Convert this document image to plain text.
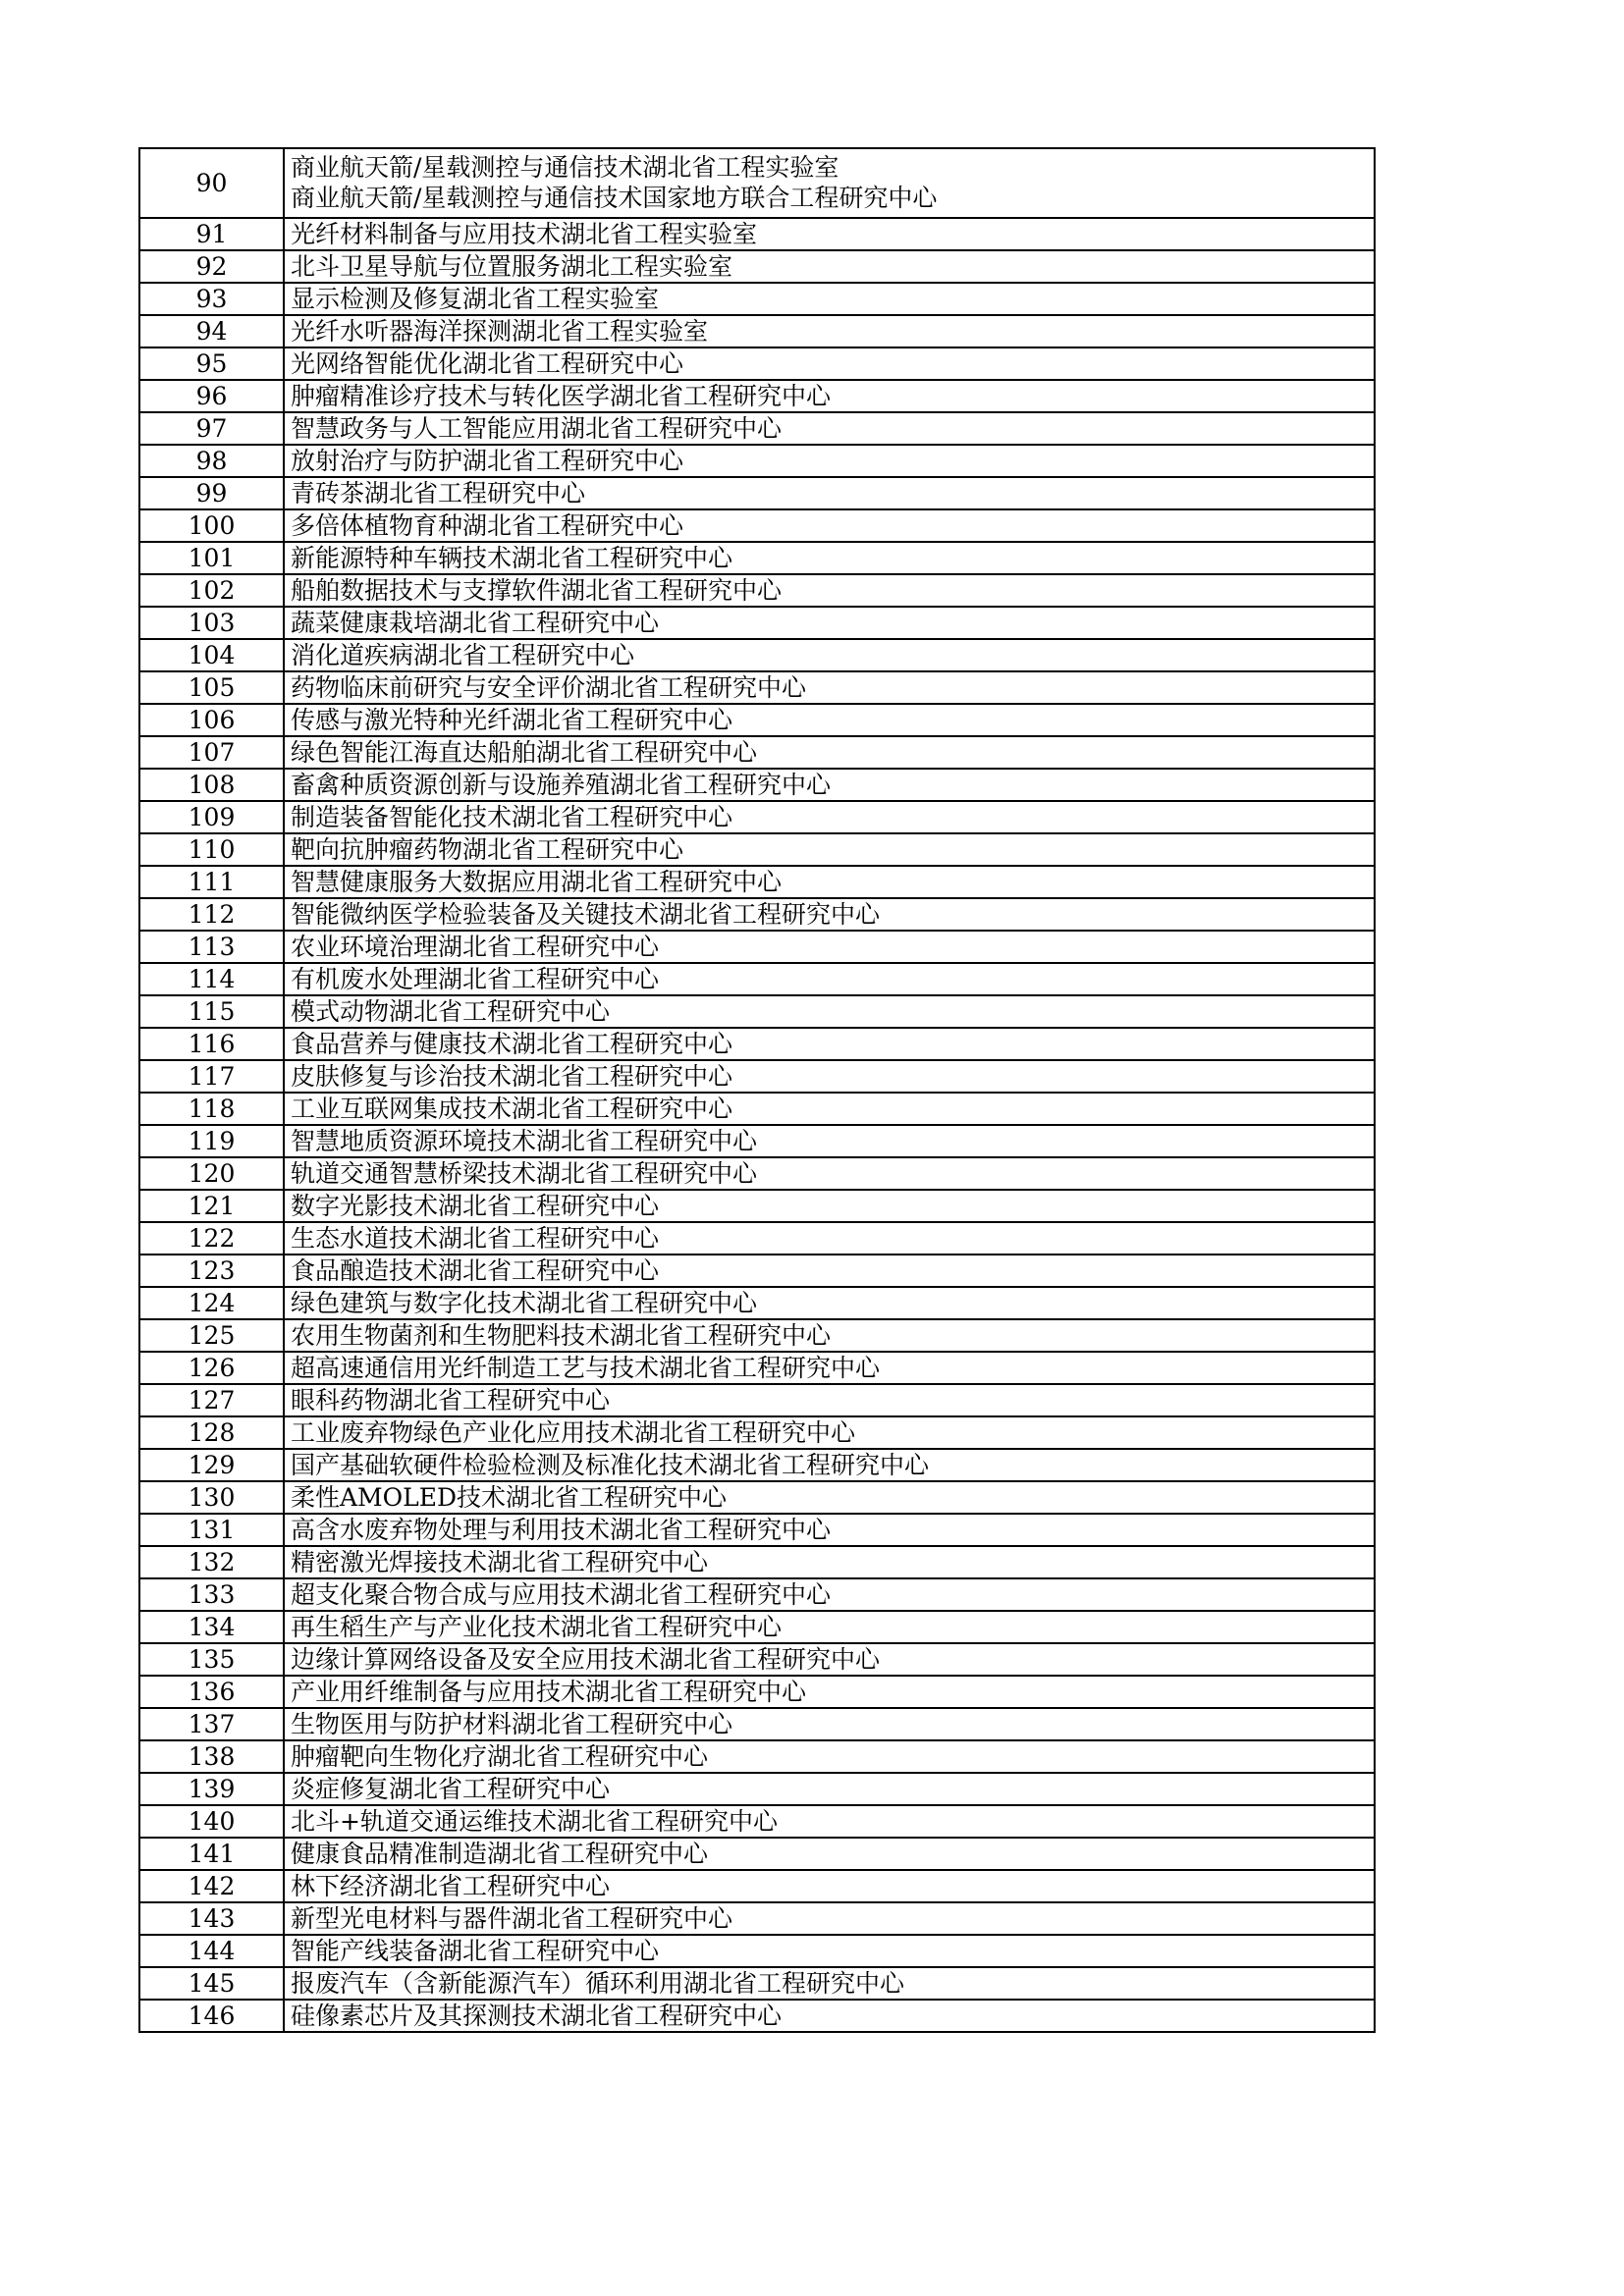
90	商业航天箭/星载测控与通信技术湖北省工程实验室
商业航天箭/星载测控与通信技术国家地方联合工程研究中心

91	光纤材料制备与应用技术湖北省工程实验室

92	北斗卫星导航与位置服务湖北工程实验室

93	显示检测及修复湖北省工程实验室

94	光纤水听器海洋探测湖北省工程实验室

95	光网络智能优化湖北省工程研究中心

96	肿瘤精准诊疗技术与转化医学湖北省工程研究中心

97	智慧政务与人工智能应用湖北省工程研究中心

98	放射治疗与防护湖北省工程研究中心

99	青砖茶湖北省工程研究中心

100	多倍体植物育种湖北省工程研究中心

101	新能源特种车辆技术湖北省工程研究中心

102	船舶数据技术与支撑软件湖北省工程研究中心

103	蔬菜健康栽培湖北省工程研究中心

104	消化道疾病湖北省工程研究中心

105	药物临床前研究与安全评价湖北省工程研究中心

106	传感与激光特种光纤湖北省工程研究中心

107	绿色智能江海直达船舶湖北省工程研究中心

108	畜禽种质资源创新与设施养殖湖北省工程研究中心

109	制造装备智能化技术湖北省工程研究中心

110	靶向抗肿瘤药物湖北省工程研究中心

111	智慧健康服务大数据应用湖北省工程研究中心

112	智能微纳医学检验装备及关键技术湖北省工程研究中心

113	农业环境治理湖北省工程研究中心

114	有机废水处理湖北省工程研究中心

115	模式动物湖北省工程研究中心

116	食品营养与健康技术湖北省工程研究中心

117	皮肤修复与诊治技术湖北省工程研究中心

118	工业互联网集成技术湖北省工程研究中心

119	智慧地质资源环境技术湖北省工程研究中心

120	轨道交通智慧桥梁技术湖北省工程研究中心

121	数字光影技术湖北省工程研究中心

122	生态水道技术湖北省工程研究中心

123	食品酿造技术湖北省工程研究中心

124	绿色建筑与数字化技术湖北省工程研究中心

125	农用生物菌剂和生物肥料技术湖北省工程研究中心

126	超高速通信用光纤制造工艺与技术湖北省工程研究中心

127	眼科药物湖北省工程研究中心

128	工业废弃物绿色产业化应用技术湖北省工程研究中心

129	国产基础软硬件检验检测及标准化技术湖北省工程研究中心

130	柔性AMOLED技术湖北省工程研究中心

131	高含水废弃物处理与利用技术湖北省工程研究中心

132	精密激光焊接技术湖北省工程研究中心

133	超支化聚合物合成与应用技术湖北省工程研究中心

134	再生稻生产与产业化技术湖北省工程研究中心

135	边缘计算网络设备及安全应用技术湖北省工程研究中心

136	产业用纤维制备与应用技术湖北省工程研究中心

137	生物医用与防护材料湖北省工程研究中心

138	肿瘤靶向生物化疗湖北省工程研究中心

139	炎症修复湖北省工程研究中心

140	北斗+轨道交通运维技术湖北省工程研究中心

141	健康食品精准制造湖北省工程研究中心

142	林下经济湖北省工程研究中心

143	新型光电材料与器件湖北省工程研究中心

144	智能产线装备湖北省工程研究中心

145	报废汽车（含新能源汽车）循环利用湖北省工程研究中心

146	硅像素芯片及其探测技术湖北省工程研究中心
